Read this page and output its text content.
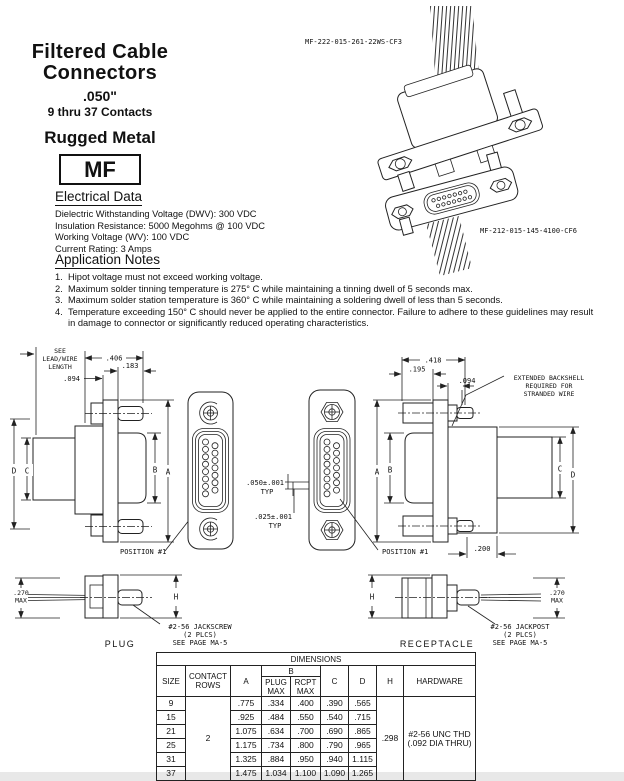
Filtered Cable
Connectors
.050"
9 thru 37 Contacts
Rugged Metal
MF
Electrical Data
Dielectric Withstanding Voltage (DWV): 300 VDC
Insulation Resistance: 5000 Megohms @ 100 VDC
Working Voltage (WV): 100 VDC
Current Rating: 3 Amps
Application Notes
1. Hipot voltage must not exceed working voltage.
2. Maximum solder tinning temperature is 275° C while maintaining a tinning dwell of 5 seconds max.
3. Maximum solder station temperature is 360° C while maintaining a soldering dwell of less than 5 seconds.
4. Temperature exceeding 150° C should never be applied to the entire connector. Failure to adhere to these guidelines may result in damage to connector or significantly reduced operating characteristics.
MF-222-015-261-22WS-CF3
MF-212-015-145-4100-CF6
SEE
LEAD/WIRE
LENGTH
.406
.183
.094
D C	B A
POSITION #1
.050±.001
TYP
.025±.001
TYP
.418
.195
.094	EXTENDED BACKSHELL
REQUIRED FOR
STRANDED WIRE
A B	C
D
POSITION #1	.200
.270
MAX	H
#2-56 JACKSCREW
(2 PLCS)
SEE PAGE MA-5
PLUG
H	.270
MAX
#2-56 JACKPOST
(2 PLCS)
SEE PAGE MA-5
RECEPTACLE
DIMENSIONS								
SIZE	CONTACT ROWS	A	B		C	D	H	HARDWARE
			PLUG MAX	RCPT MAX				
9	2	.775	.334	.400	.390	.565	.298	#2-56 UNC THD
(.092 DIA THRU)

15		.925	.484	.550	.540	.715		
21		1.075	.634	.700	.690	.865		
25		1.175	.734	.800	.790	.965		
31		1.325	.884	.950	.940	1.115		
37		1.475	1.034	1.100	1.090	1.265		
